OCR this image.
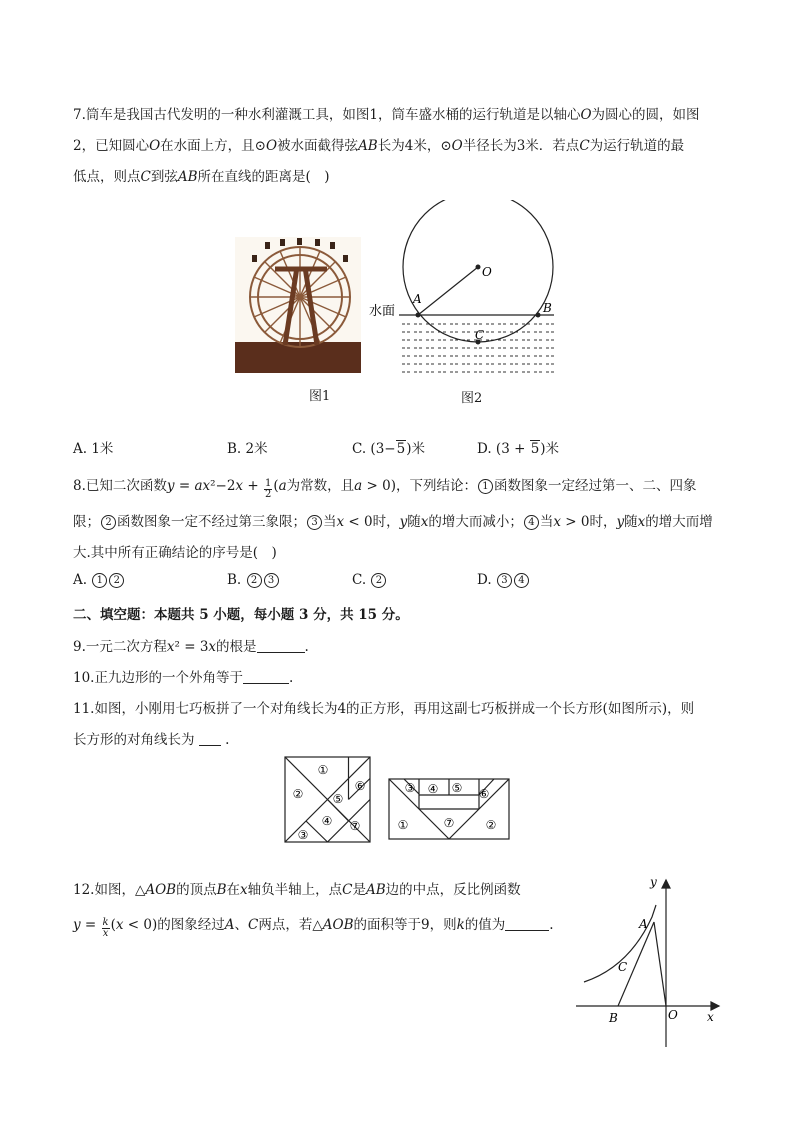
7.筒车是我国古代发明的一种水利灌溉工具，如图1，筒车盛水桶的运行轨道是以轴心O为圆心的圆，如图
2，已知圆心O在水面上方，且⊙O被水面截得弦AB长为4米，⊙O半径长为3米．若点C为运行轨道的最
低点，则点C到弦AB所在直线的距离是(　)
图1
O
A
B
C
水面
图2
A. 1米	B. 2米	C. (3−5)米	D. (3 + 5)米
8.已知二次函数$y = ax^2-2x + \frac{1}{2} (a$为常数，且a > 0)，下列结论： 1 函数图象一定经过第一、二、四象
限； 2 函数图象一定不经过第三象限； 3 当x < 0时，y随x的增大而减小； 4 当x > 0时，y随x的增大而增
大.其中所有正确结论的序号是(　)
A. 1 2	B. 2 3	C. 2	D. 3 4
二、填空题：本题共 5 小题，每小题 3 分，共 15 分。
9.一元二次方程x² = 3x的根是	.
10.正九边形的一个外角等于	.
11.如图，小刚用七巧板拼了一个对角线长为4的正方形，再用这副七巧板拼成一个长方形(如图所示)，则
长方形的对角线长为  .
①
②
⑥
⑤
④
③
⑦
③ ④ ⑤ ⑥
①	⑦	②
12.如图，△AOB的顶点B在x轴负半轴上，点C是AB边的中点，反比例函数
$y = \frac{k}{x} (x < 0)$的图象经过A、C两点，若△AOB的面积等于9，则k的值为	.
y
x
O
A
B
C
